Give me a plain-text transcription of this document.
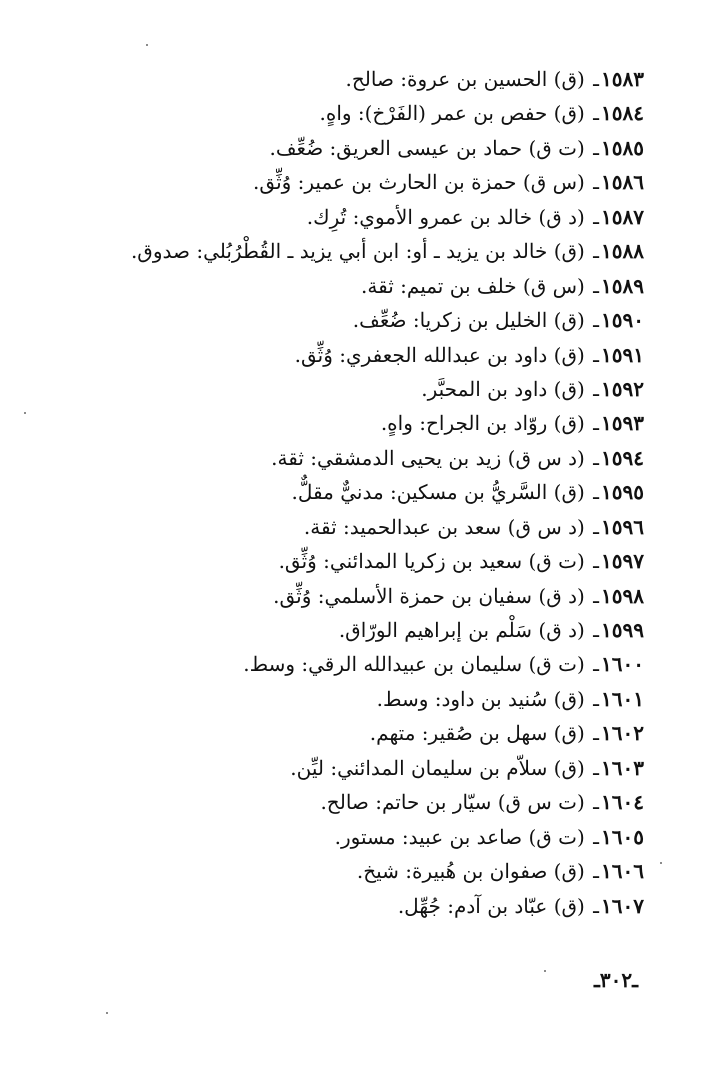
١٥٨٣ـ (ق) الحسين بن عروة: صالح.
١٥٨٤ـ (ق) حفص بن عمر (الفَرْخ): واهٍ.
١٥٨٥ـ (ت ق) حماد بن عيسى العريق: ضُعِّف.
١٥٨٦ـ (س ق) حمزة بن الحارث بن عمير: وُثِّق.
١٥٨٧ـ (د ق) خالد بن عمرو الأموي: تُرِك.
١٥٨٨ـ (ق) خالد بن يزيد ـ أو: ابن أبي يزيد ـ القُطْرُبُلي: صدوق.
١٥٨٩ـ (س ق) خلف بن تميم: ثقة.
١٥٩٠ـ (ق) الخليل بن زكريا: ضُعِّف.
١٥٩١ـ (ق) داود بن عبدالله الجعفري: وُثِّق.
١٥٩٢ـ (ق) داود بن المحبَّر.
١٥٩٣ـ (ق) روّاد بن الجراح: واهٍ.
١٥٩٤ـ (د س ق) زيد بن يحيى الدمشقي: ثقة.
١٥٩٥ـ (ق) السَّريُّ بن مسكين: مدنيٌّ مقلٌّ.
١٥٩٦ـ (د س ق) سعد بن عبدالحميد: ثقة.
١٥٩٧ـ (ت ق) سعيد بن زكريا المدائني: وُثِّق.
١٥٩٨ـ (د ق) سفيان بن حمزة الأسلمي: وُثِّق.
١٥٩٩ـ (د ق) سَلْم بن إبراهيم الورّاق.
١٦٠٠ـ (ت ق) سليمان بن عبيدالله الرقي: وسط.
١٦٠١ـ (ق) سُنيد بن داود: وسط.
١٦٠٢ـ (ق) سهل بن صُقير: متهم.
١٦٠٣ـ (ق) سلاّم بن سليمان المدائني: ليِّن.
١٦٠٤ـ (ت س ق) سيّار بن حاتم: صالح.
١٦٠٥ـ (ت ق) صاعد بن عبيد: مستور.
١٦٠٦ـ (ق) صفوان بن هُبيرة: شيخ.
١٦٠٧ـ (ق) عبّاد بن آدم: جُهِّل.
ـ٣٠٢ـ
